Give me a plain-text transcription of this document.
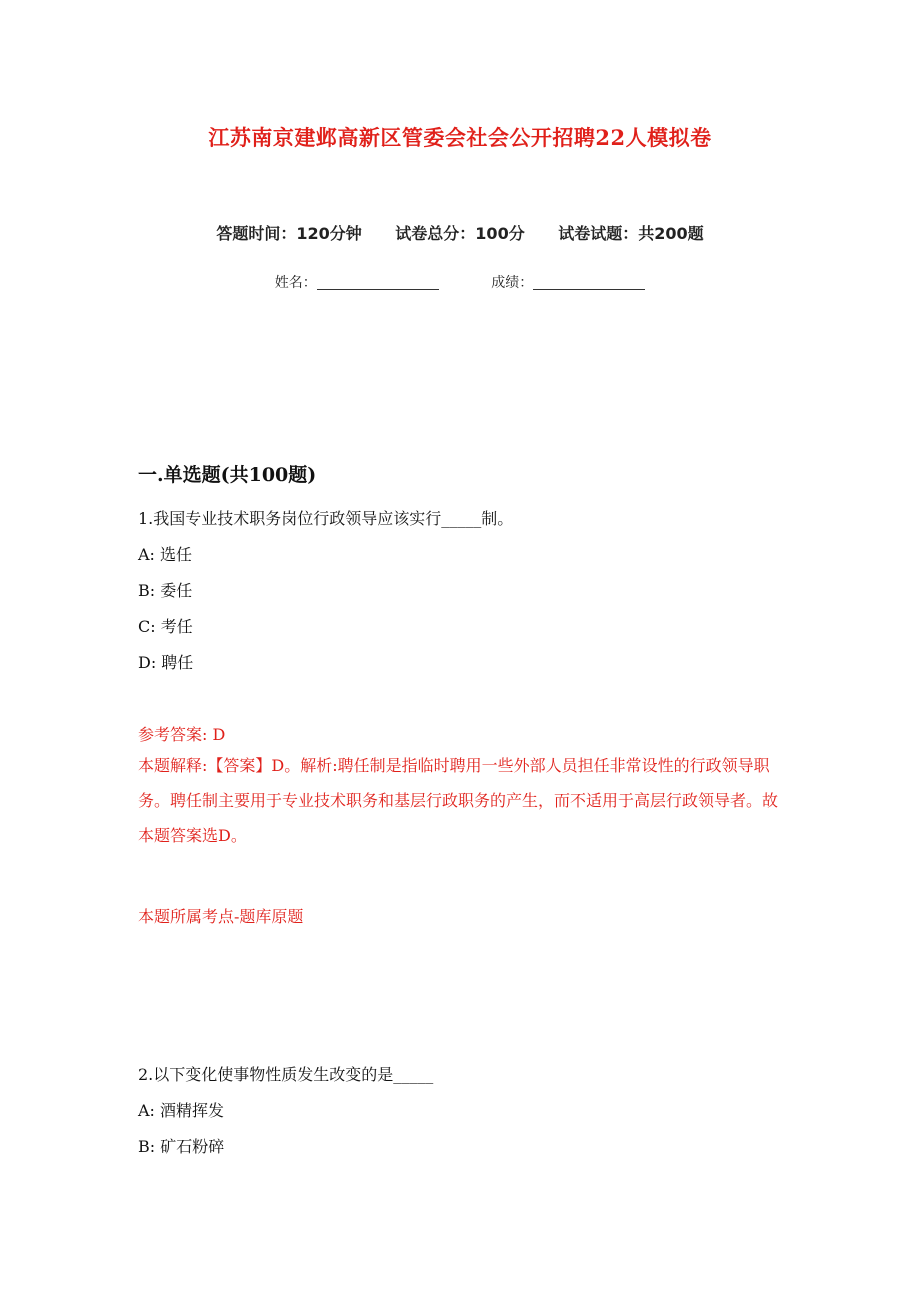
江苏南京建邺高新区管委会社会公开招聘22人模拟卷
答题时间：120分钟 试卷总分：100分 试卷试题：共200题
姓名：	成绩：
一.单选题(共100题)
1.我国专业技术职务岗位行政领导应该实行_____制。
A: 选任
B: 委任
C: 考任
D: 聘任
参考答案: D
本题解释:【答案】D。解析:聘任制是指临时聘用一些外部人员担任非常设性的行政领导职务。聘任制主要用于专业技术职务和基层行政职务的产生，而不适用于高层行政领导者。故本题答案选D。
本题所属考点-题库原题
2.以下变化使事物性质发生改变的是_____
A: 酒精挥发
B: 矿石粉碎
